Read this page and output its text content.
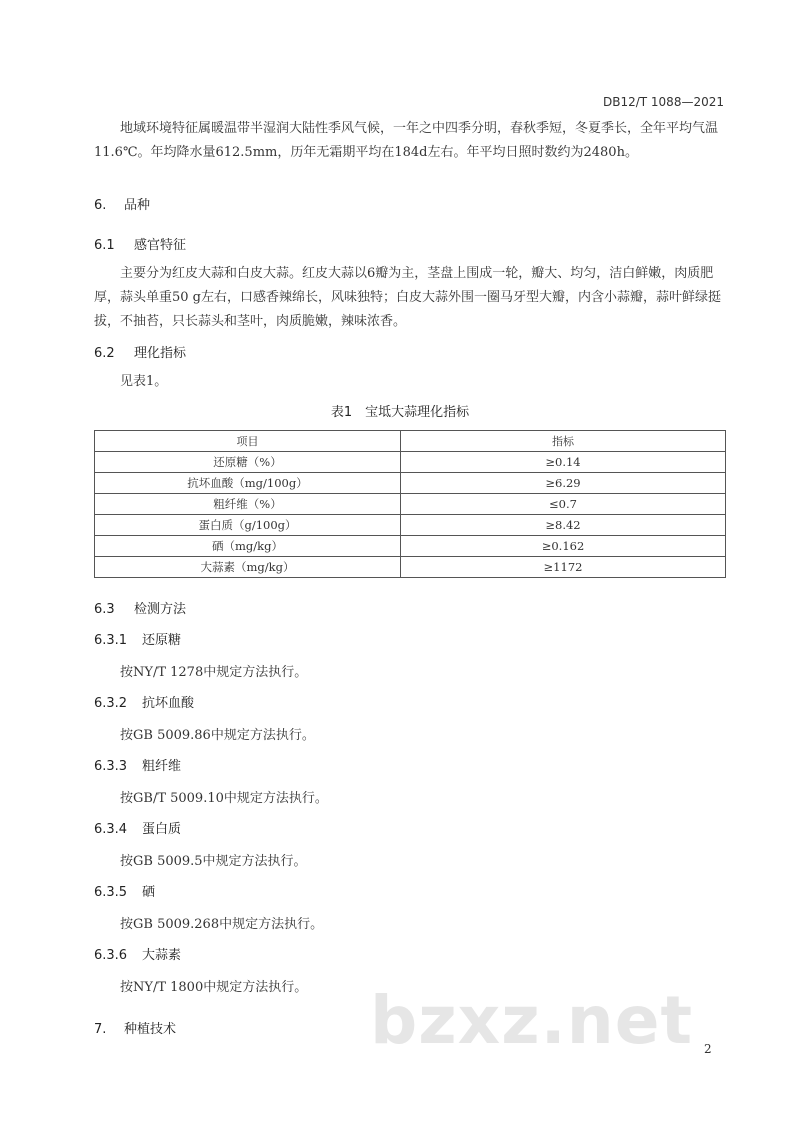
DB12/T 1088—2021

地域环境特征属暖温带半湿润大陆性季风气候，一年之中四季分明，春秋季短，冬夏季长，全年平均气温11.6℃。年均降水量612.5mm，历年无霜期平均在184d左右。年平均日照时数约为2480h。

6. 品种
6.1 感官特征

主要分为红皮大蒜和白皮大蒜。红皮大蒜以6瓣为主，茎盘上围成一轮，瓣大、均匀，洁白鲜嫩，肉质肥厚，蒜头单重50 g左右，口感香辣绵长，风味独特；白皮大蒜外围一圈马牙型大瓣，内含小蒜瓣，蒜叶鲜绿挺拔，不抽苔，只长蒜头和茎叶，肉质脆嫩，辣味浓香。

6.2 理化指标
见表1。
表1　宝坻大蒜理化指标
项目	指标
还原糖（%）	≥0.14
抗坏血酸（mg/100g）	≥6.29
粗纤维（%）	≤0.7
蛋白质（g/100g）	≥8.42
硒（mg/kg）	≥0.162
大蒜素（mg/kg）	≥1172
6.3 检测方法
6.3.1 还原糖
按NY/T 1278中规定方法执行。
6.3.2 抗坏血酸
按GB 5009.86中规定方法执行。
6.3.3 粗纤维
按GB/T 5009.10中规定方法执行。
6.3.4 蛋白质
按GB 5009.5中规定方法执行。
6.3.5 硒
按GB 5009.268中规定方法执行。
6.3.6 大蒜素
按NY/T 1800中规定方法执行。
7. 种植技术	bzxz.net 2
